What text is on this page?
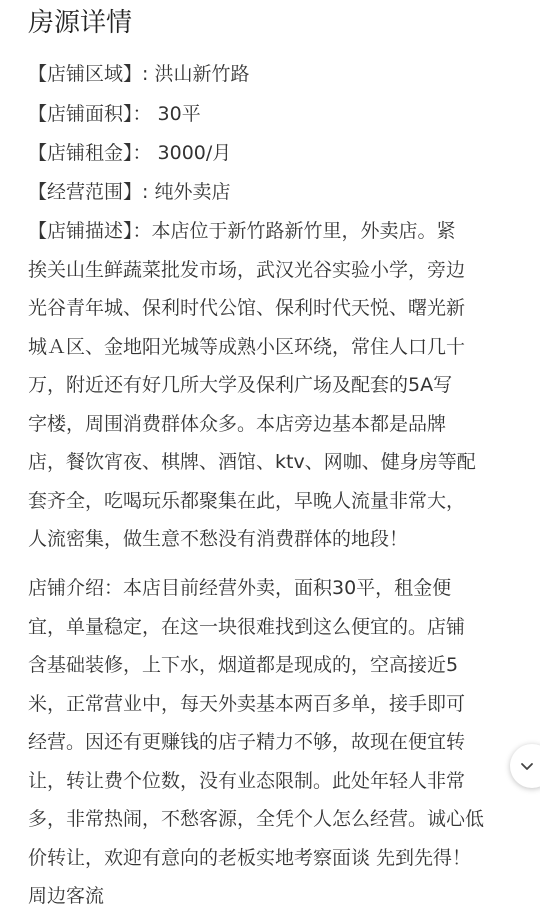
房源详情
【店铺区域】: 洪山新竹路
【店铺面积】： 30平
【店铺租金】： 3000/月
【经营范围】: 纯外卖店
【店铺描述】：本店位于新竹路新竹里，外卖店。紧
挨关山生鲜蔬菜批发市场，武汉光谷实验小学，旁边
光谷青年城、保利时代公馆、保利时代天悦、曙光新
城Ａ区、金地阳光城等成熟小区环绕，常住人口几十
万，附近还有好几所大学及保利广场及配套的5A写
字楼，周围消费群体众多。本店旁边基本都是品牌
店，餐饮宵夜、棋牌、酒馆、ktv、网咖、健身房等配
套齐全，吃喝玩乐都聚集在此，早晚人流量非常大，
人流密集，做生意不愁没有消费群体的地段！
店铺介绍：本店目前经营外卖，面积30平，租金便
宜，单量稳定，在这一块很难找到这么便宜的。店铺
含基础装修，上下水，烟道都是现成的，空高接近5
米，正常营业中，每天外卖基本两百多单，接手即可
经营。因还有更赚钱的店子精力不够，故现在便宜转
让，转让费个位数，没有业态限制。此处年轻人非常
多，非常热闹，不愁客源，全凭个人怎么经营。诚心低
价转让，欢迎有意向的老板实地考察面谈 先到先得！
周边客流
